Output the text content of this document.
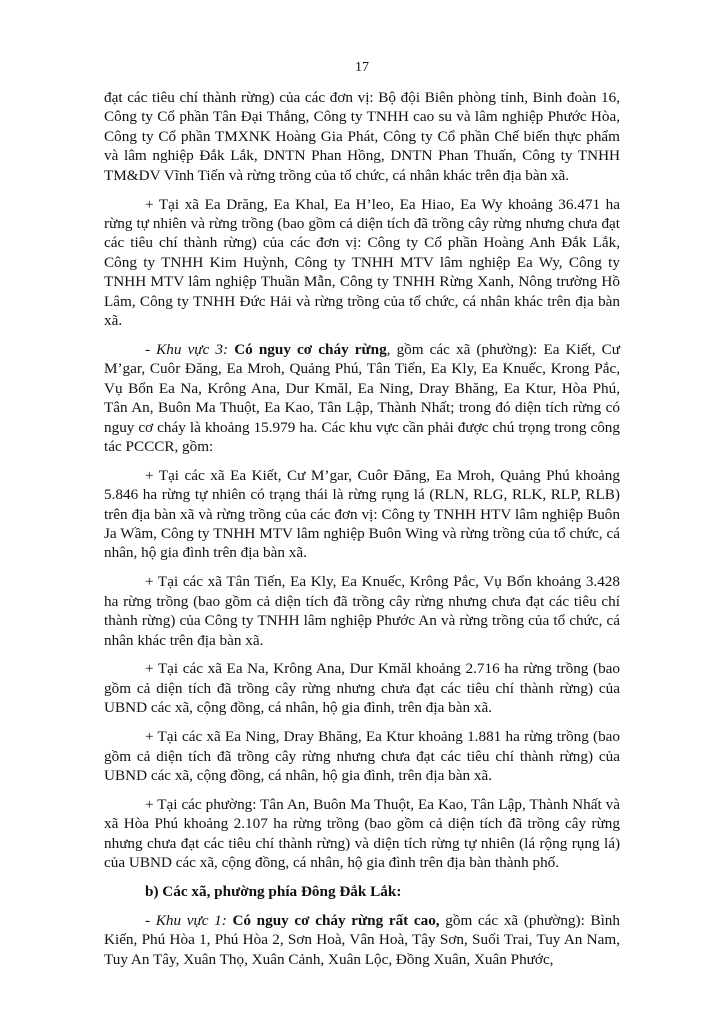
17

đạt các tiêu chí thành rừng) của các đơn vị: Bộ đội Biên phòng tỉnh, Binh đoàn 16, Công ty Cổ phần Tân Đại Thắng, Công ty TNHH cao su và lâm nghiệp Phước Hòa, Công ty Cổ phần TMXNK Hoàng Gia Phát, Công ty Cổ phần Chế biến thực phẩm và lâm nghiệp Đắk Lắk, DNTN Phan Hồng, DNTN Phan Thuấn, Công ty TNHH TM&DV Vĩnh Tiến và rừng trồng của tổ chức, cá nhân khác trên địa bàn xã.

+ Tại xã Ea Drăng, Ea Khal, Ea H’leo, Ea Hiao, Ea Wy khoảng 36.471 ha rừng tự nhiên và rừng trồng (bao gồm cả diện tích đã trồng cây rừng nhưng chưa đạt các tiêu chí thành rừng) của các đơn vị: Công ty Cổ phần Hoàng Anh Đắk Lắk, Công ty TNHH Kim Huỳnh, Công ty TNHH MTV lâm nghiệp Ea Wy, Công ty TNHH MTV lâm nghiệp Thuần Mẫn, Công ty TNHH Rừng Xanh, Nông trường Hồ Lâm, Công ty TNHH Đức Hải và rừng trồng của tổ chức, cá nhân khác trên địa bàn xã.

- Khu vực 3: Có nguy cơ cháy rừng, gồm các xã (phường): Ea Kiết, Cư M’gar, Cuôr Đăng, Ea Mroh, Quảng Phú, Tân Tiến, Ea Kly, Ea Knuếc, Krong Pắc, Vụ Bổn Ea Na, Krông Ana, Dur Kmăl, Ea Ning, Dray Bhăng, Ea Ktur, Hòa Phú, Tân An, Buôn Ma Thuột, Ea Kao, Tân Lập, Thành Nhất; trong đó diện tích rừng có nguy cơ cháy là khoảng 15.979 ha. Các khu vực cần phải được chú trọng trong công tác PCCCR, gồm:

+ Tại các xã Ea Kiết, Cư M’gar, Cuôr Đăng, Ea Mroh, Quảng Phú khoảng 5.846 ha rừng tự nhiên có trạng thái là rừng rụng lá (RLN, RLG, RLK, RLP, RLB) trên địa bàn xã và rừng trồng của các đơn vị: Công ty TNHH HTV lâm nghiệp Buôn Ja Wầm, Công ty TNHH MTV lâm nghiệp Buôn Wing và rừng trồng của tổ chức, cá nhân, hộ gia đình trên địa bàn xã.

+ Tại các xã Tân Tiến, Ea Kly, Ea Knuếc, Krông Pắc, Vụ Bổn khoảng 3.428 ha rừng trồng (bao gồm cả diện tích đã trồng cây rừng nhưng chưa đạt các tiêu chí thành rừng) của Công ty TNHH lâm nghiệp Phước An và rừng trồng của tổ chức, cá nhân khác trên địa bàn xã.

+ Tại các xã Ea Na, Krông Ana, Dur Kmăl khoảng 2.716 ha rừng trồng (bao gồm cả diện tích đã trồng cây rừng nhưng chưa đạt các tiêu chí thành rừng) của UBND các xã, cộng đồng, cá nhân, hộ gia đình, trên địa bàn xã.

+ Tại các xã Ea Ning, Dray Bhăng, Ea Ktur khoảng 1.881 ha rừng trồng (bao gồm cả diện tích đã trồng cây rừng nhưng chưa đạt các tiêu chí thành rừng) của UBND các xã, cộng đồng, cá nhân, hộ gia đình, trên địa bàn xã.

+ Tại các phường: Tân An, Buôn Ma Thuột, Ea Kao, Tân Lập, Thành Nhất và xã Hòa Phú khoảng 2.107 ha rừng trồng (bao gồm cả diện tích đã trồng cây rừng nhưng chưa đạt các tiêu chí thành rừng) và diện tích rừng tự nhiên (lá rộng rụng lá) của UBND các xã, cộng đồng, cá nhân, hộ gia đình trên địa bàn thành phố.

b) Các xã, phường phía Đông Đắk Lắk:

- Khu vực 1: Có nguy cơ cháy rừng rất cao, gồm các xã (phường): Bình Kiến, Phú Hòa 1, Phú Hòa 2, Sơn Hoà, Vân Hoà, Tây Sơn, Suối Trai, Tuy An Nam, Tuy An Tây, Xuân Thọ, Xuân Cảnh, Xuân Lộc, Đồng Xuân, Xuân Phước,
